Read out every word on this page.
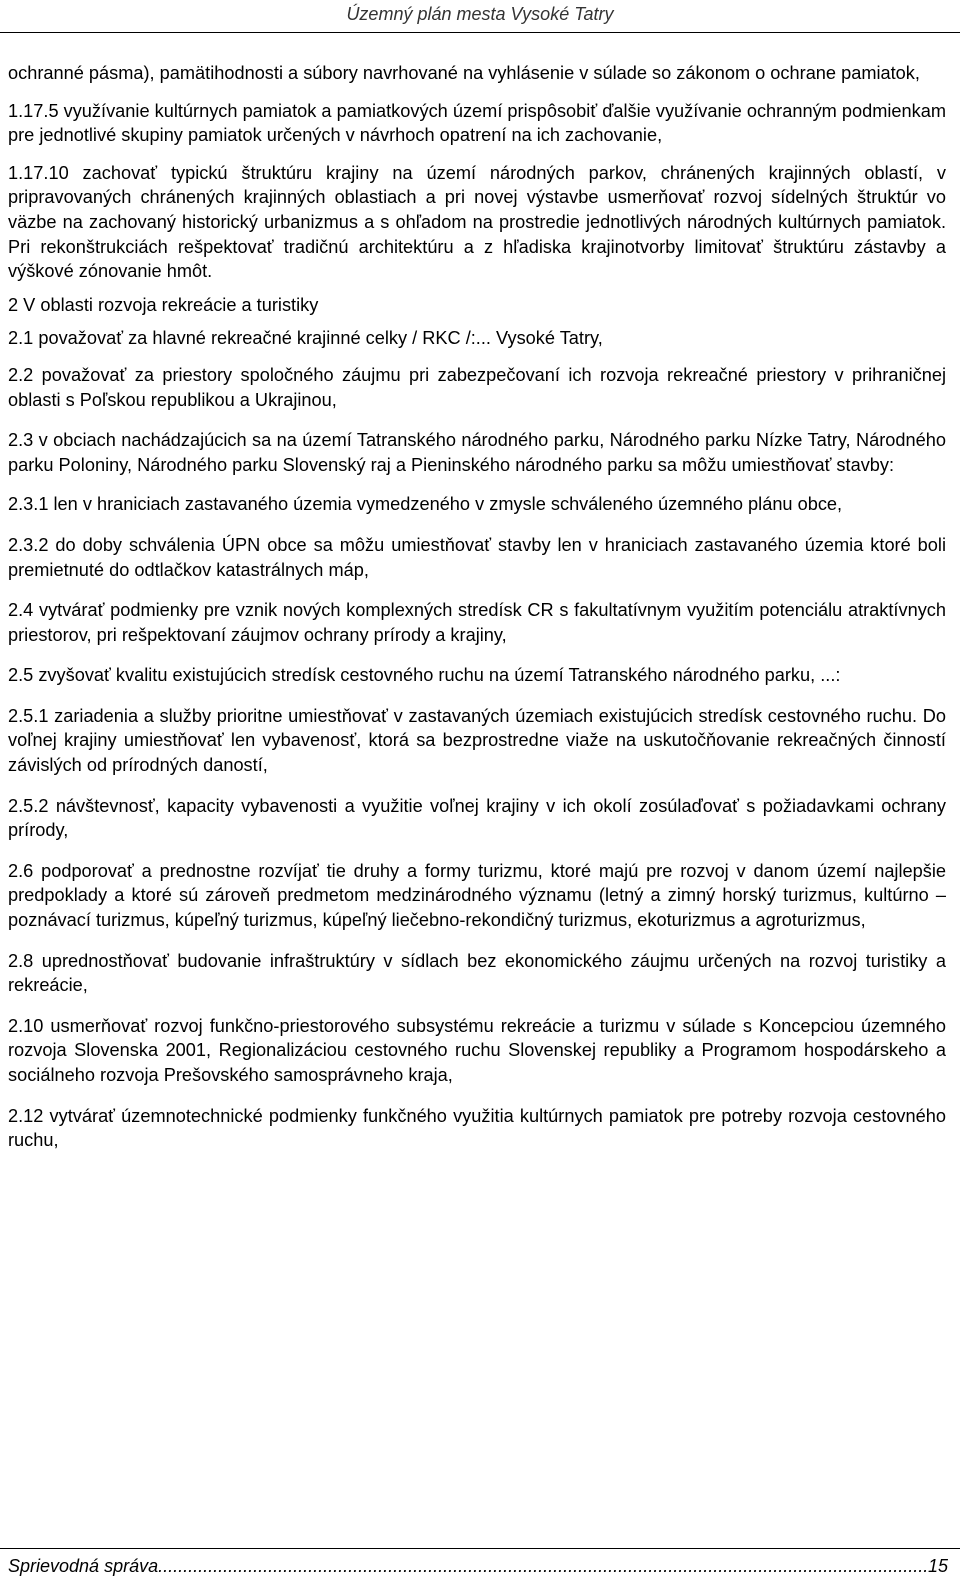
Územný plán mesta Vysoké Tatry

ochranné pásma), pamätihodnosti a súbory navrhované na vyhlásenie v súlade so zákonom o ochrane pamiatok,

1.17.5 využívanie kultúrnych pamiatok a pamiatkových území prispôsobiť ďalšie využívanie ochranným podmienkam pre jednotlivé skupiny pamiatok určených v návrhoch opatrení na ich zachovanie,

1.17.10 zachovať typickú štruktúru krajiny na území národných parkov, chránených krajinných oblastí, v pripravovaných chránených krajinných oblastiach a pri novej výstavbe usmerňovať rozvoj sídelných štruktúr vo väzbe na zachovaný historický urbanizmus a s ohľadom na prostredie jednotlivých národných kultúrnych pamiatok. Pri rekonštrukciách rešpektovať tradičnú architektúru a z hľadiska krajinotvorby limitovať štruktúru zástavby a výškové zónovanie hmôt.

2 V oblasti rozvoja rekreácie a turistiky

2.1 považovať za hlavné rekreačné krajinné celky / RKC /:... Vysoké Tatry,

2.2 považovať za priestory spoločného záujmu pri zabezpečovaní ich rozvoja rekreačné priestory v prihraničnej oblasti s Poľskou republikou a Ukrajinou,

2.3 v obciach nachádzajúcich sa na území Tatranského národného parku, Národného parku Nízke Tatry, Národného parku Poloniny, Národného parku Slovenský raj a Pieninského národného parku sa môžu umiestňovať stavby:

2.3.1 len v hraniciach zastavaného územia vymedzeného v zmysle schváleného územného plánu obce,

2.3.2 do doby schválenia ÚPN obce sa môžu umiestňovať stavby len v hraniciach zastavaného územia ktoré boli premietnuté do odtlačkov katastrálnych máp,

2.4 vytvárať podmienky pre vznik nových komplexných stredísk CR s fakultatívnym využitím potenciálu atraktívnych priestorov, pri rešpektovaní záujmov ochrany prírody a krajiny,

2.5 zvyšovať kvalitu existujúcich stredísk cestovného ruchu na území Tatranského národného parku, ...:

2.5.1 zariadenia a služby prioritne umiestňovať v zastavaných územiach existujúcich stredísk cestovného ruchu. Do voľnej krajiny umiestňovať len vybavenosť, ktorá sa bezprostredne viaže na uskutočňovanie rekreačných činností závislých od prírodných daností,

2.5.2 návštevnosť, kapacity vybavenosti a využitie voľnej krajiny v ich okolí zosúlaďovať s požiadavkami ochrany prírody,

2.6 podporovať a prednostne rozvíjať tie druhy a formy turizmu, ktoré majú pre rozvoj v danom území najlepšie predpoklady a ktoré sú zároveň predmetom medzinárodného významu (letný a zimný horský turizmus, kultúrno – poznávací turizmus, kúpeľný turizmus, kúpeľný liečebno-rekondičný turizmus, ekoturizmus a agroturizmus,

2.8 uprednostňovať budovanie infraštruktúry v sídlach bez ekonomického záujmu určených na rozvoj turistiky a rekreácie,

2.10 usmerňovať rozvoj funkčno-priestorového subsystému rekreácie a turizmu v súlade s Koncepciou územného rozvoja Slovenska 2001, Regionalizáciou cestovného ruchu Slovenskej republiky a Programom hospodárskeho a sociálneho rozvoja Prešovského samosprávneho kraja,

2.12 vytvárať územnotechnické podmienky funkčného využitia kultúrnych pamiatok pre potreby rozvoja cestovného ruchu,

Sprievodná správa
.....	15
